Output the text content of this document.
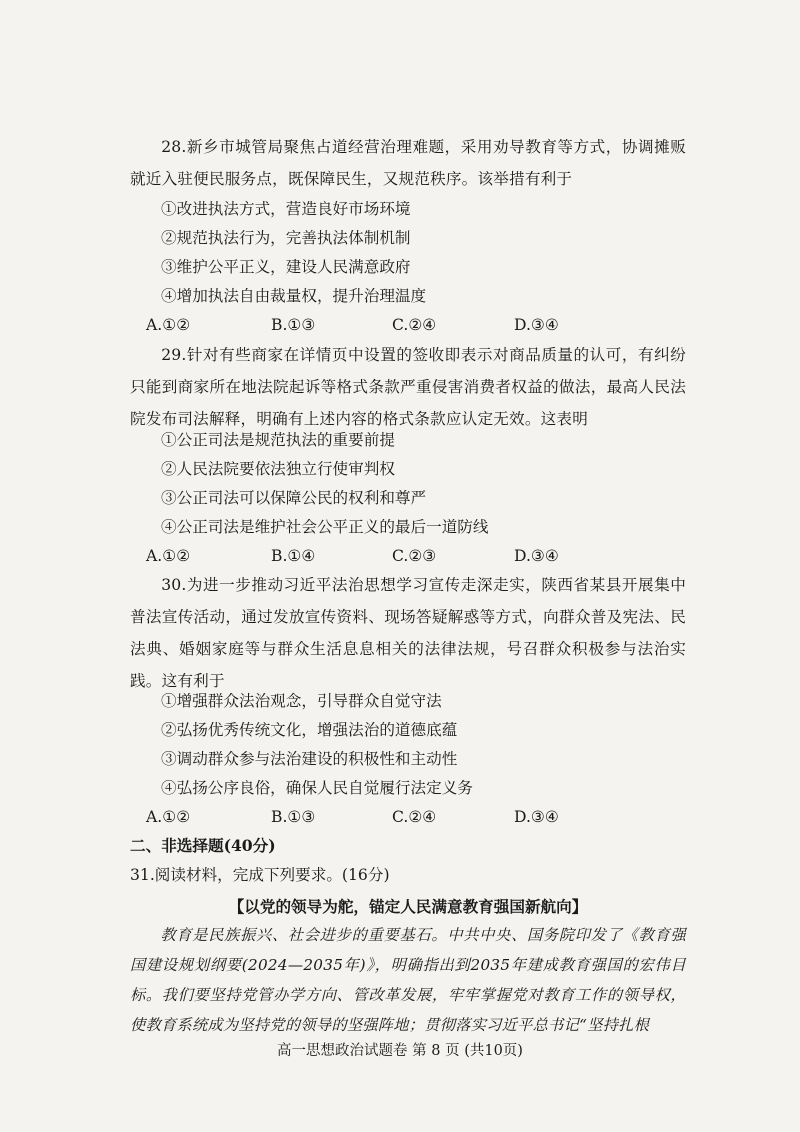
28.新乡市城管局聚焦占道经营治理难题，采用劝导教育等方式，协调摊贩就近入驻便民服务点，既保障民生，又规范秩序。该举措有利于

①改进执法方式，营造良好市场环境

②规范执法行为，完善执法体制机制

③维护公平正义，建设人民满意政府

④增加执法自由裁量权，提升治理温度

A.①②	B.①③	C.②④	D.③④

29.针对有些商家在详情页中设置的签收即表示对商品质量的认可，有纠纷只能到商家所在地法院起诉等格式条款严重侵害消费者权益的做法，最高人民法院发布司法解释，明确有上述内容的格式条款应认定无效。这表明

①公正司法是规范执法的重要前提

②人民法院要依法独立行使审判权

③公正司法可以保障公民的权利和尊严

④公正司法是维护社会公平正义的最后一道防线

A.①②	B.①④	C.②③	D.③④

30.为进一步推动习近平法治思想学习宣传走深走实，陕西省某县开展集中普法宣传活动，通过发放宣传资料、现场答疑解惑等方式，向群众普及宪法、民法典、婚姻家庭等与群众生活息息相关的法律法规，号召群众积极参与法治实践。这有利于

①增强群众法治观念，引导群众自觉守法

②弘扬优秀传统文化，增强法治的道德底蕴

③调动群众参与法治建设的积极性和主动性

④弘扬公序良俗，确保人民自觉履行法定义务

A.①②	B.①③	C.②④	D.③④
二、非选择题(40分)
31.阅读材料，完成下列要求。(16分)
【以党的领导为舵，锚定人民满意教育强国新航向】

教育是民族振兴、社会进步的重要基石。中共中央、国务院印发了《教育强国建设规划纲要(2024—2035年)》，明确指出到2035年建成教育强国的宏伟目标。我们要坚持党管办学方向、管改革发展，牢牢掌握党对教育工作的领导权，使教育系统成为坚持党的领导的坚强阵地；贯彻落实习近平总书记“坚持扎根

高一思想政治试题卷 第 8 页 (共10页)
